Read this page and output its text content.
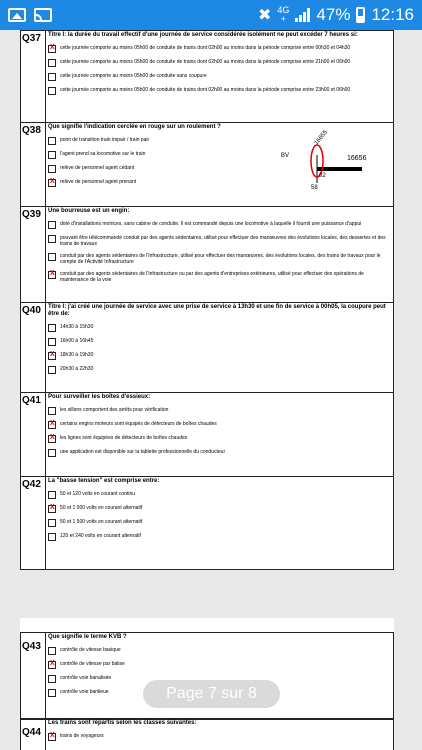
✖ 4G
+ 47% 12:16
Q37	Titre I: la durée du travail effectif d'une journée de service considérée isolément ne peut excéder 7 heures si:
X
cette journée comporte au moins 05h00 de conduite de trains dont 02h00 au moins dans la période comprise entre 00h30 et 04h30
cette journée comporte au moins 05h00 de conduite de trains dont 02h00 au moins dans la période comprise entre 21h00 et 06h00
cette journée comporte au moins 05h00 de conduite sans coupure
cette journée comporte au moins 05h00 de conduite de trains dont 02h00 au moins dans la période comprise entre 23h00 et 06h00
Q38	Que signifie l'indication cerclée en rouge sur un roulement ?
point de transition train impair / train pair
l'agent prend sa locomotive sur le train
relève de personnel agent cédant
X
relève de personnel agent prenant
16655
BV	16656
02
58
Q39	Une bourreuse est un engin:
doté d'installations motrices, sans cabine de conduite. Il est commandé depuis une locomotive à laquelle il fournit une puissance d'appui
pouvant être télécommandé conduit par des agents sédentaires, utilisé pour effectuer des manœuvres des évolutions locales, des dessertes et des trains de travaux
conduit par des agents sédentaires de l'Infrastructure, utilisé pour effectuer des manœuvres, des évolutions locales, des trains de travaux pour le compte de l'Activité Infrastructure
X
conduit par des agents sédentaires de l'Infrastructure ou par des agents d'entreprises extérieures, utilisé pour effectuer des opérations de maintenance de la voie
Q40	Titre I: j'ai créé une journée de service avec une prise de service à 13h30 et une fin de service à 00h05, la coupure peut être de:
14h30 à 15h30
16h00 à 16h45
X
18h30 à 19h30
20h30 à 22h30
Q41	Pour surveiller les boîtes d'essieux:
les sillons comportent des arrêts pour vérification
X
certains engins moteurs sont équipés de détecteurs de boîtes chaudes
X
les lignes sont équipées de détecteurs de boîtes chaudes
une application est disponible sur la tablette professionnelle du conducteur
Q42	La "basse tension" est comprise entre:
50 et 120 volts en courant continu
X
50 et 1 000 volts en courant alternatif
50 et 1 500 volts en courant alternatif
120 et 240 volts en courant alternatif
Q43
Que signifie le terme KVB ?
contrôle de vitesse basique
X
contrôle de vitesse par balise
contrôle voie banalisée
contrôle voie banlieue
Q44
Les trains sont répartis selon les classes suivantes:
X
trains de voyageurs
Page 7 sur 8
